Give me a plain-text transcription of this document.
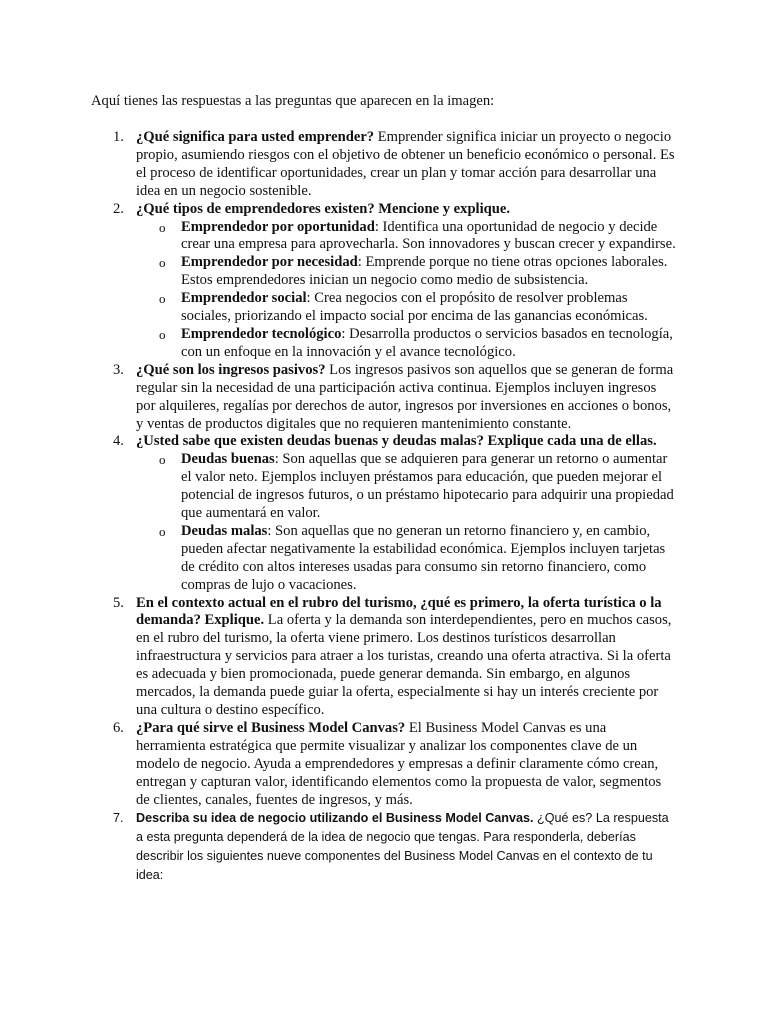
Aquí tienes las respuestas a las preguntas que aparecen en la imagen:

1. ¿Qué significa para usted emprender? Emprender significa iniciar un proyecto o negocio propio, asumiendo riesgos con el objetivo de obtener un beneficio económico o personal. Es el proceso de identificar oportunidades, crear un plan y tomar acción para desarrollar una idea en un negocio sostenible.
2. ¿Qué tipos de emprendedores existen? Mencione y explique.
o Emprendedor por oportunidad: Identifica una oportunidad de negocio y decide crear una empresa para aprovecharla. Son innovadores y buscan crecer y expandirse.
o Emprendedor por necesidad: Emprende porque no tiene otras opciones laborales. Estos emprendedores inician un negocio como medio de subsistencia.
o Emprendedor social: Crea negocios con el propósito de resolver problemas sociales, priorizando el impacto social por encima de las ganancias económicas.
o Emprendedor tecnológico: Desarrolla productos o servicios basados en tecnología, con un enfoque en la innovación y el avance tecnológico.
3. ¿Qué son los ingresos pasivos? Los ingresos pasivos son aquellos que se generan de forma regular sin la necesidad de una participación activa continua. Ejemplos incluyen ingresos por alquileres, regalías por derechos de autor, ingresos por inversiones en acciones o bonos, y ventas de productos digitales que no requieren mantenimiento constante.
4. ¿Usted sabe que existen deudas buenas y deudas malas? Explique cada una de ellas.
o Deudas buenas: Son aquellas que se adquieren para generar un retorno o aumentar el valor neto. Ejemplos incluyen préstamos para educación, que pueden mejorar el potencial de ingresos futuros, o un préstamo hipotecario para adquirir una propiedad que aumentará en valor.
o Deudas malas: Son aquellas que no generan un retorno financiero y, en cambio, pueden afectar negativamente la estabilidad económica. Ejemplos incluyen tarjetas de crédito con altos intereses usadas para consumo sin retorno financiero, como compras de lujo o vacaciones.
5. En el contexto actual en el rubro del turismo, ¿qué es primero, la oferta turística o la demanda? Explique. La oferta y la demanda son interdependientes, pero en muchos casos, en el rubro del turismo, la oferta viene primero. Los destinos turísticos desarrollan infraestructura y servicios para atraer a los turistas, creando una oferta atractiva. Si la oferta es adecuada y bien promocionada, puede generar demanda. Sin embargo, en algunos mercados, la demanda puede guiar la oferta, especialmente si hay un interés creciente por una cultura o destino específico.
6. ¿Para qué sirve el Business Model Canvas? El Business Model Canvas es una herramienta estratégica que permite visualizar y analizar los componentes clave de un modelo de negocio. Ayuda a emprendedores y empresas a definir claramente cómo crean, entregan y capturan valor, identificando elementos como la propuesta de valor, segmentos de clientes, canales, fuentes de ingresos, y más.
7. Describa su idea de negocio utilizando el Business Model Canvas. ¿Qué es? La respuesta a esta pregunta dependerá de la idea de negocio que tengas. Para responderla, deberías describir los siguientes nueve componentes del Business Model Canvas en el contexto de tu idea:
